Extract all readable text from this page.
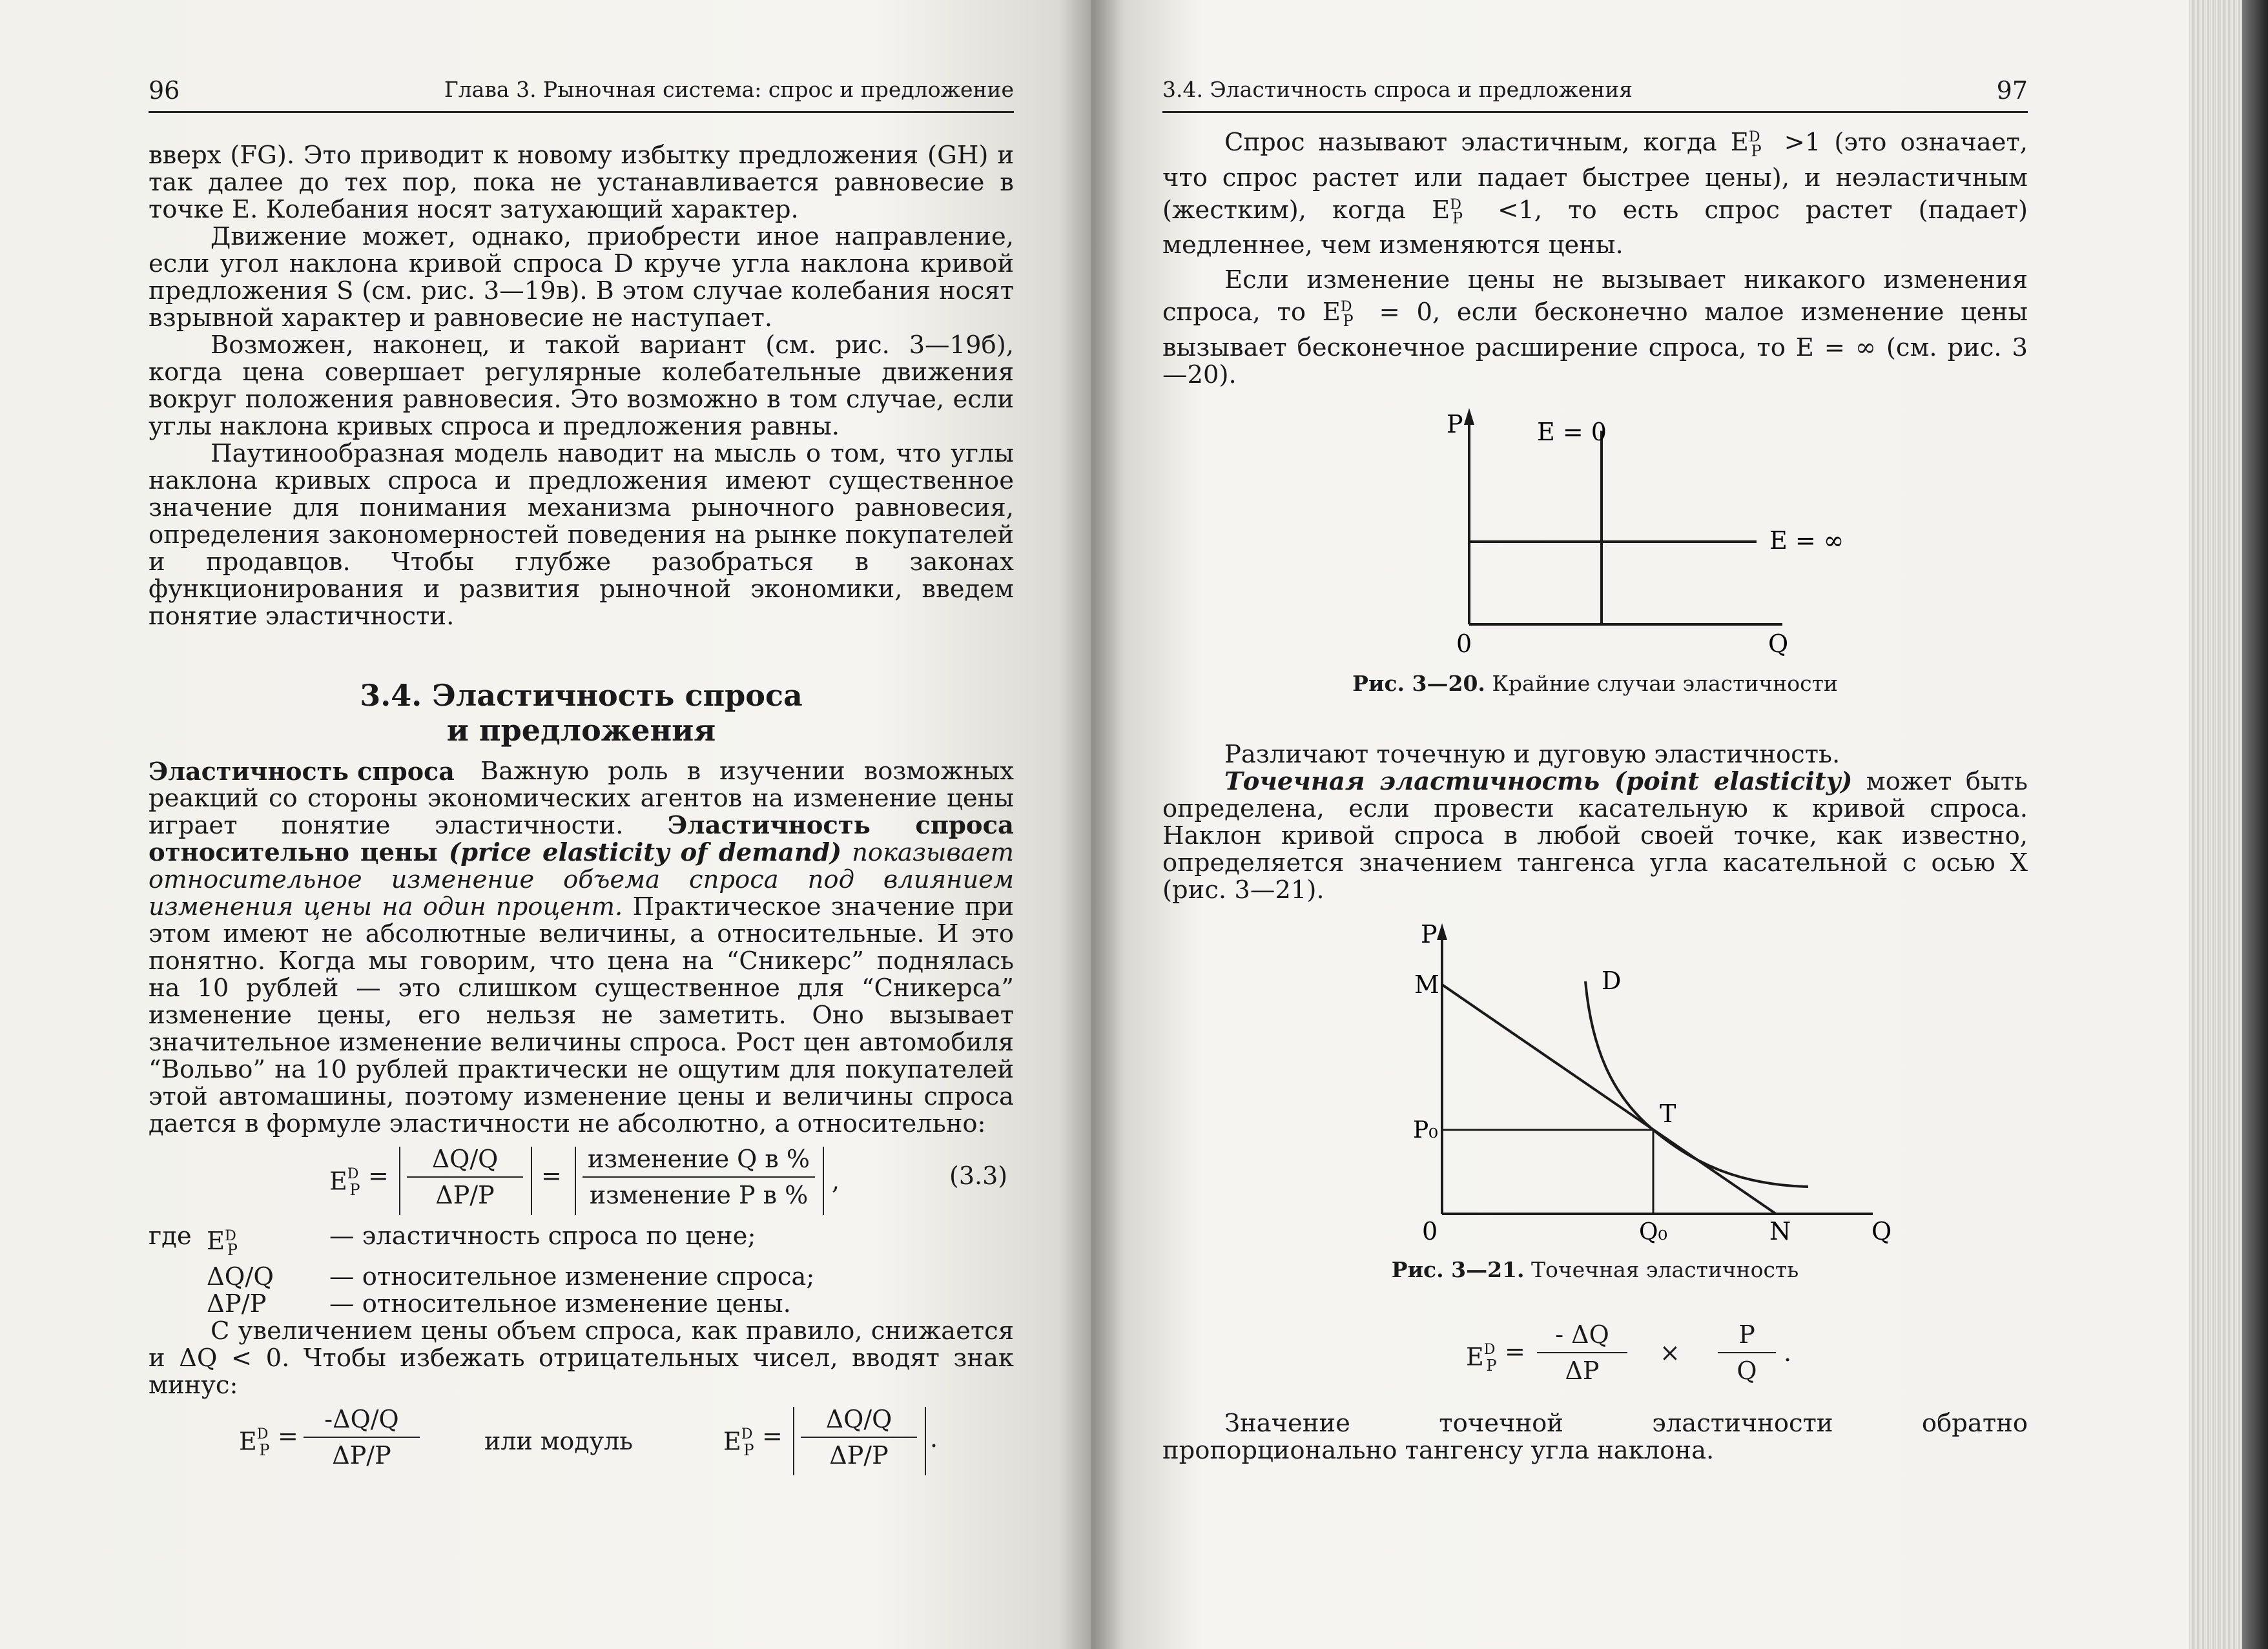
96	Глава 3. Рыночная система: спрос и предложение

вверх (FG). Это приводит к новому избытку предложения (GH) и так далее до тех пор, пока не устанавливается равновесие в точке E. Колебания носят затухающий характер.

Движение может, однако, приобрести иное направление, если угол наклона кривой спроса D круче угла наклона кривой предложения S (см. рис. 3—19в). В этом случае колебания носят взрывной характер и равновесие не наступает.

Возможен, наконец, и такой вариант (см. рис. 3—19б), когда цена совершает регулярные колебательные движения вокруг положения равновесия. Это возможно в том случае, если углы наклона кривых спроса и предложения равны.

Паутинообразная модель наводит на мысль о том, что углы наклона кривых спроса и предложения имеют существенное значение для понимания механизма рыночного равновесия, определения закономерностей поведения на рынке покупателей и продавцов. Чтобы глубже разобраться в законах функционирования и развития рыночной экономики, введем понятие эластичности.

3.4. Эластичность спроса
и предложения

Эластичность спроса Важную роль в изучении возможных реакций со стороны экономических агентов на изменение цены играет понятие эластичности. Эластичность спроса относительно цены (price elasticity of demand) показывает относительное изменение объема спроса под влиянием изменения цены на один процент. Практическое значение при этом имеют не абсолютные величины, а относительные. И это понятно. Когда мы говорим, что цена на “Сникерс” поднялась на 10 рублей — это слишком существенное для “Сникерса” изменение цены, его нельзя не заметить. Оно вызывает значительное изменение величины спроса. Рост цен автомобиля “Вольво” на 10 рублей практически не ощутим для покупателей этой автомашины, поэтому изменение цены и величины спроса дается в формуле эластичности не абсолютно, а относительно:

$E^D_P$
= $\frac{\Delta Q/Q}{\Delta P/P}$ =
изменение Q в %
изменение P в % ,	(3.3)
где $E^D_P$	— эластичность спроса по цене;
ΔQ/Q	— относительное изменение спроса;
ΔP/P	— относительное изменение цены.

С увеличением цены объем спроса, как правило, снижается и ΔQ < 0. Чтобы избежать отрицательных чисел, вводят знак минус:

$E^D_P$
= $\frac{-\Delta Q/Q}{\Delta P/P}$	или модуль	$E^D_P$
= $\frac{\Delta Q/Q}{\Delta P/P}$ .
3.4. Эластичность спроса и предложения	97

Спрос называют эластичным, когда $E^D_P >1$ (это означает, что спрос растет или падает быстрее цены), и неэластичным (жестким), когда $E^D_P <1$, то есть спрос растет (падает) медленнее, чем изменяются цены.

Если изменение цены не вызывает никакого изменения спроса, то $E^D_P = 0$, если бесконечно малое изменение цены вызывает бесконечное расширение спроса, то E = ∞ (см. рис. 3—20).

P
Q
0
E = 0
E = ∞
Рис. 3—20. Крайние случаи эластичности

Различают точечную и дуговую эластичность.

Точечная эластичность (point elasticity) может быть определена, если провести касательную к кривой спроса. Наклон кривой спроса в любой своей точке, как известно, определяется значением тангенса угла касательной с осью X (рис. 3—21).

P
M	D
P₀
T
0	Q₀	N	Q
Рис. 3—21. Точечная эластичность
$E^D_P$
= $\frac{- \Delta Q}{\Delta P} \times \frac{P}{Q}$ .

Значение точечной эластичности обратно пропорционально тангенсу угла наклона.
